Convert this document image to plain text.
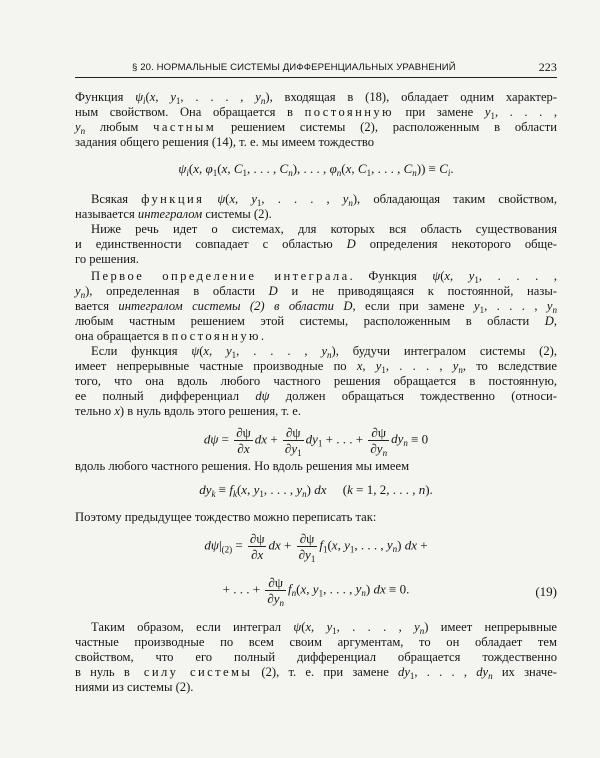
§ 20. НОРМАЛЬНЫЕ СИСТЕМЫ ДИФФЕРЕНЦИАЛЬНЫХ УРАВНЕНИЙ	223
Функция $\psi_i(x$, $y_1$, . . . , $y_n$), входящая в (18), обладает одним характер-
ным свойством. Она обращается в постоянную при замене $y_1$, . . . ,
$y_n$ любым частным решением системы (2), расположенным в области
задания общего решения (14), т. е. мы имеем тождество
$\psi_i(x$, $\varphi_1(x$, $C_1$, . . . , $C_n$), . . . , $\varphi_n(x$, $C_1$, . . . , $C_n)) \equiv C_i$.
Всякая функция ψ(x, $y_1$, . . . , $y_n$), обладающая таким свойством,
называется интегралом системы (2).
Ниже речь идет о системах, для которых вся область существования
и единственности совпадает с областью D определения некоторого обще-
го решения.
Первое определение интеграла. Функция ψ(x, $y_1$, . . . ,
$y_n$), определенная в области D и не приводящаяся к постоянной, назы-
вается интегралом системы (2) в области D, если при замене $y_1$, . . . , $y_n$
любым частным решением этой системы, расположенным в области D,
она обращается в постоянную.
Если функция ψ(x, $y_1$, . . . , $y_n$), будучи интегралом системы (2),
имеет непрерывные частные производные по x, $y_1$, . . . , $y_n$, то вследствие
того, что она вдоль любого частного решения обращается в постоянную,
ее полный дифференциал dψ должен обращаться тождественно (относи-
тельно x) в нуль вдоль этого решения, т. е.
$d\psi = \frac{\partial\psi}{\partial x}$ dx + $\frac{\partial\psi}{\partial y_1} dy_1$ + . . . + $\frac{\partial\psi}{\partial y_n} dy_n \equiv 0$
вдоль любого частного решения. Но вдоль решения мы имеем
$dy_k \equiv f_k(x$, $y_1$, . . . , $y_n$) dx     (k = 1, 2, . . . , n).
Поэтому предыдущее тождество можно переписать так:
$d\psi|_{(2)} = \frac{\partial\psi}{\partial x}$ dx + $\frac{\partial\psi}{\partial y_1} f_1(x$, $y_1$, . . . , $y_n$) dx +
+ . . . + $\frac{\partial\psi}{\partial y_n} f_n(x$, $y_1$, . . . , $y_n$) dx ≡ 0.	(19)
Таким образом, если интеграл ψ(x, $y_1$, . . . , $y_n$) имеет непрерывные
частные производные по всем своим аргументам, то он обладает тем
свойством, что его полный дифференциал обращается тождественно
в нуль в силу системы (2), т. е. при замене $dy_1$, . . . , $dy_n$ их значе-
ниями из системы (2).
